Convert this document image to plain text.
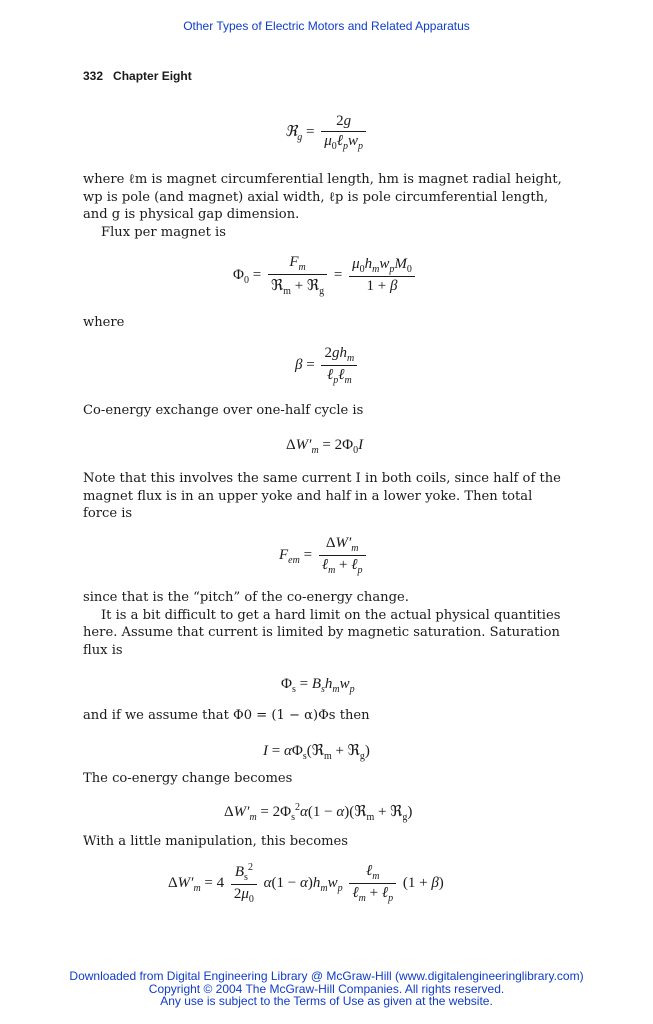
Other Types of Electric Motors and Related Apparatus
332 Chapter Eight
ℜ$_g$ = $\frac{2g}{\mu_0\ell_pw_p}$
where ℓm is magnet circumferential length, hm is magnet radial height,
wp is pole (and magnet) axial width, ℓp is pole circumferential length,
and g is physical gap dimension.
Flux per magnet is
$\Phi_0 = \frac{F_m}{ℜ_m + ℜ_g} = \frac{\mu_0h_mw_pM_0}{1 + \beta}$
where
$\beta = \frac{2gh_m}{\ell_p\ell_m}$
Co-energy exchange over one-half cycle is
$\Delta W'_m = 2\Phi_0I$
Note that this involves the same current I in both coils, since half of the
magnet flux is in an upper yoke and half in a lower yoke. Then total
force is
$F_{em} = \frac{\Delta W'_m}{\ell_m + \ell_p}$
since that is the “pitch” of the co-energy change.
It is a bit difficult to get a hard limit on the actual physical quantities
here. Assume that current is limited by magnetic saturation. Saturation
flux is
$\Phi_s = B_sh_mw_p$
and if we assume that Φ0 = (1 − α)Φs then
$I = \alpha\Phi_s(ℜ_m$ + ℜ$_g$)
The co-energy change becomes
$\Delta W'_m = 2\Phi_s^2\alpha(1$ − α)(ℜ$_m$ + ℜ$_g$)
With a little manipulation, this becomes
$\Delta W'_m = 4 \frac{B_s^2}{2\mu_0} \alpha(1 - \alpha)h_mw_p \frac{\ell_m}{\ell_m + \ell_p} (1 + \beta)$
Downloaded from Digital Engineering Library @ McGraw-Hill (www.digitalengineeringlibrary.com)
Copyright © 2004 The McGraw-Hill Companies. All rights reserved.
Any use is subject to the Terms of Use as given at the website.
